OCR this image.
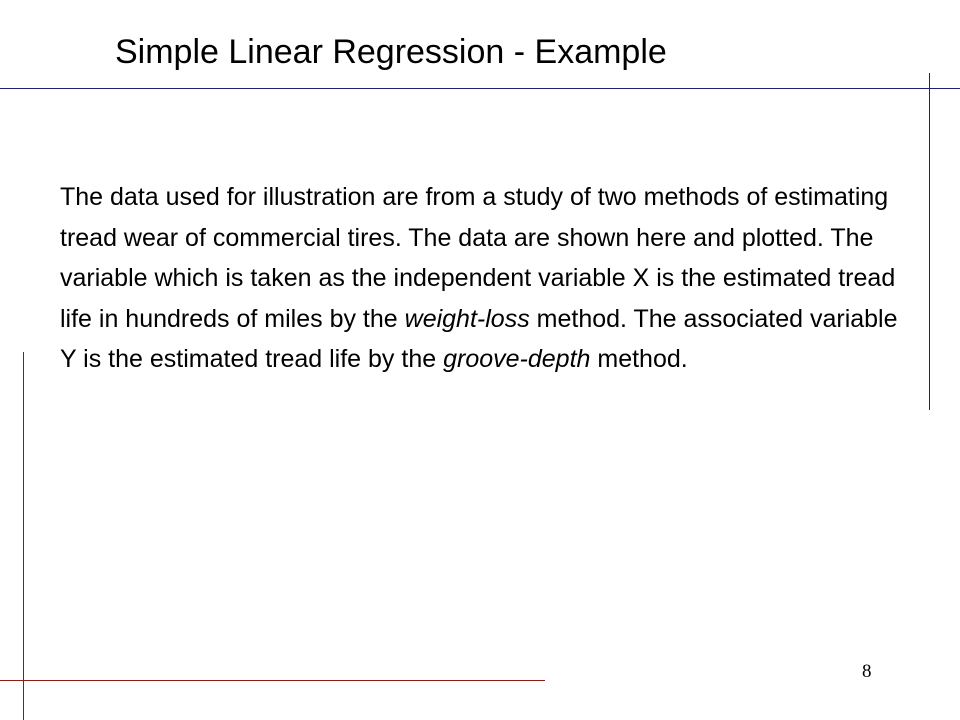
Simple Linear Regression - Example

The data used for illustration are from a study of two methods of estimating tread wear of commercial tires. The data are shown here and plotted. The variable which is taken as the independent variable X is the estimated tread life in hundreds of miles by the weight-loss method. The associated variable Y is the estimated tread life by the groove-depth method.

8
